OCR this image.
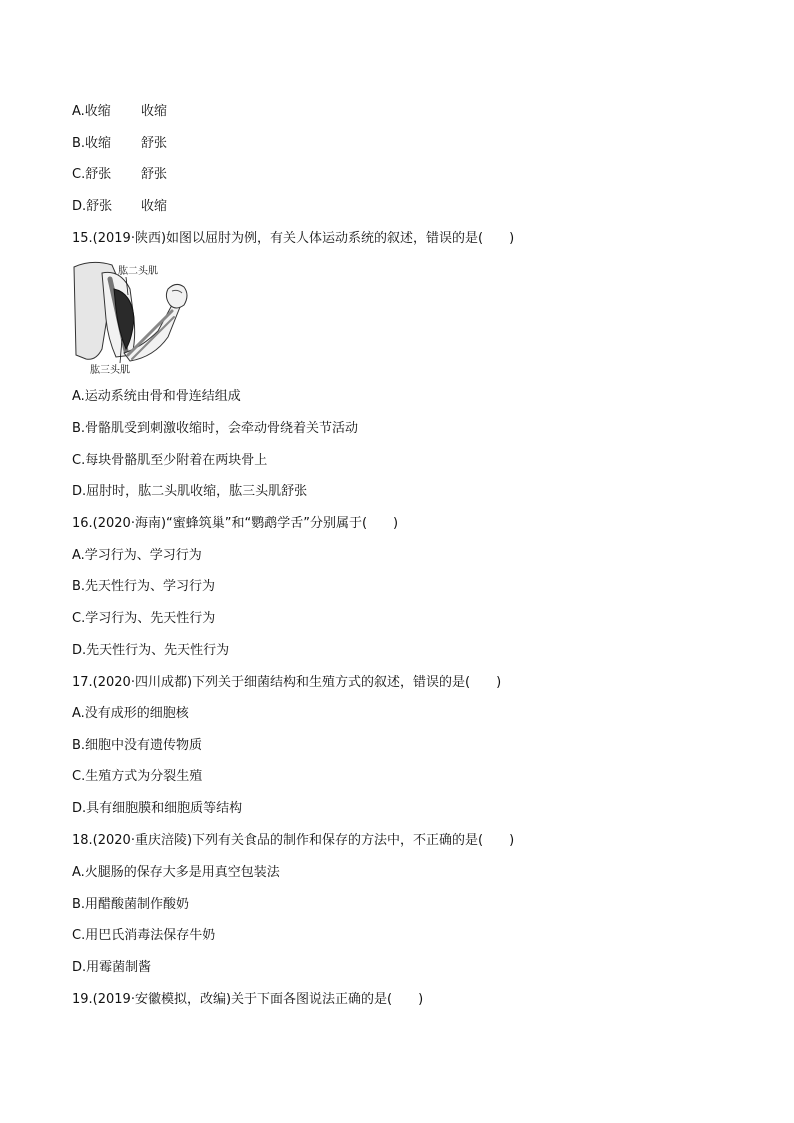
A.收缩 收缩
B.收缩 舒张
C.舒张 舒张
D.舒张 收缩
15.(2019·陕西)如图以屈肘为例，有关人体运动系统的叙述，错误的是(　　)
肱二头肌
肱三头肌
A.运动系统由骨和骨连结组成
B.骨骼肌受到刺激收缩时，会牵动骨绕着关节活动
C.每块骨骼肌至少附着在两块骨上
D.屈肘时，肱二头肌收缩，肱三头肌舒张
16.(2020·海南)“蜜蜂筑巢”和“鹦鹉学舌”分别属于(　　)
A.学习行为、学习行为
B.先天性行为、学习行为
C.学习行为、先天性行为
D.先天性行为、先天性行为
17.(2020·四川成都)下列关于细菌结构和生殖方式的叙述，错误的是(　　)
A.没有成形的细胞核
B.细胞中没有遗传物质
C.生殖方式为分裂生殖
D.具有细胞膜和细胞质等结构
18.(2020·重庆涪陵)下列有关食品的制作和保存的方法中，不正确的是(　　)
A.火腿肠的保存大多是用真空包装法
B.用醋酸菌制作酸奶
C.用巴氏消毒法保存牛奶
D.用霉菌制酱
19.(2019·安徽模拟，改编)关于下面各图说法正确的是(　　)
